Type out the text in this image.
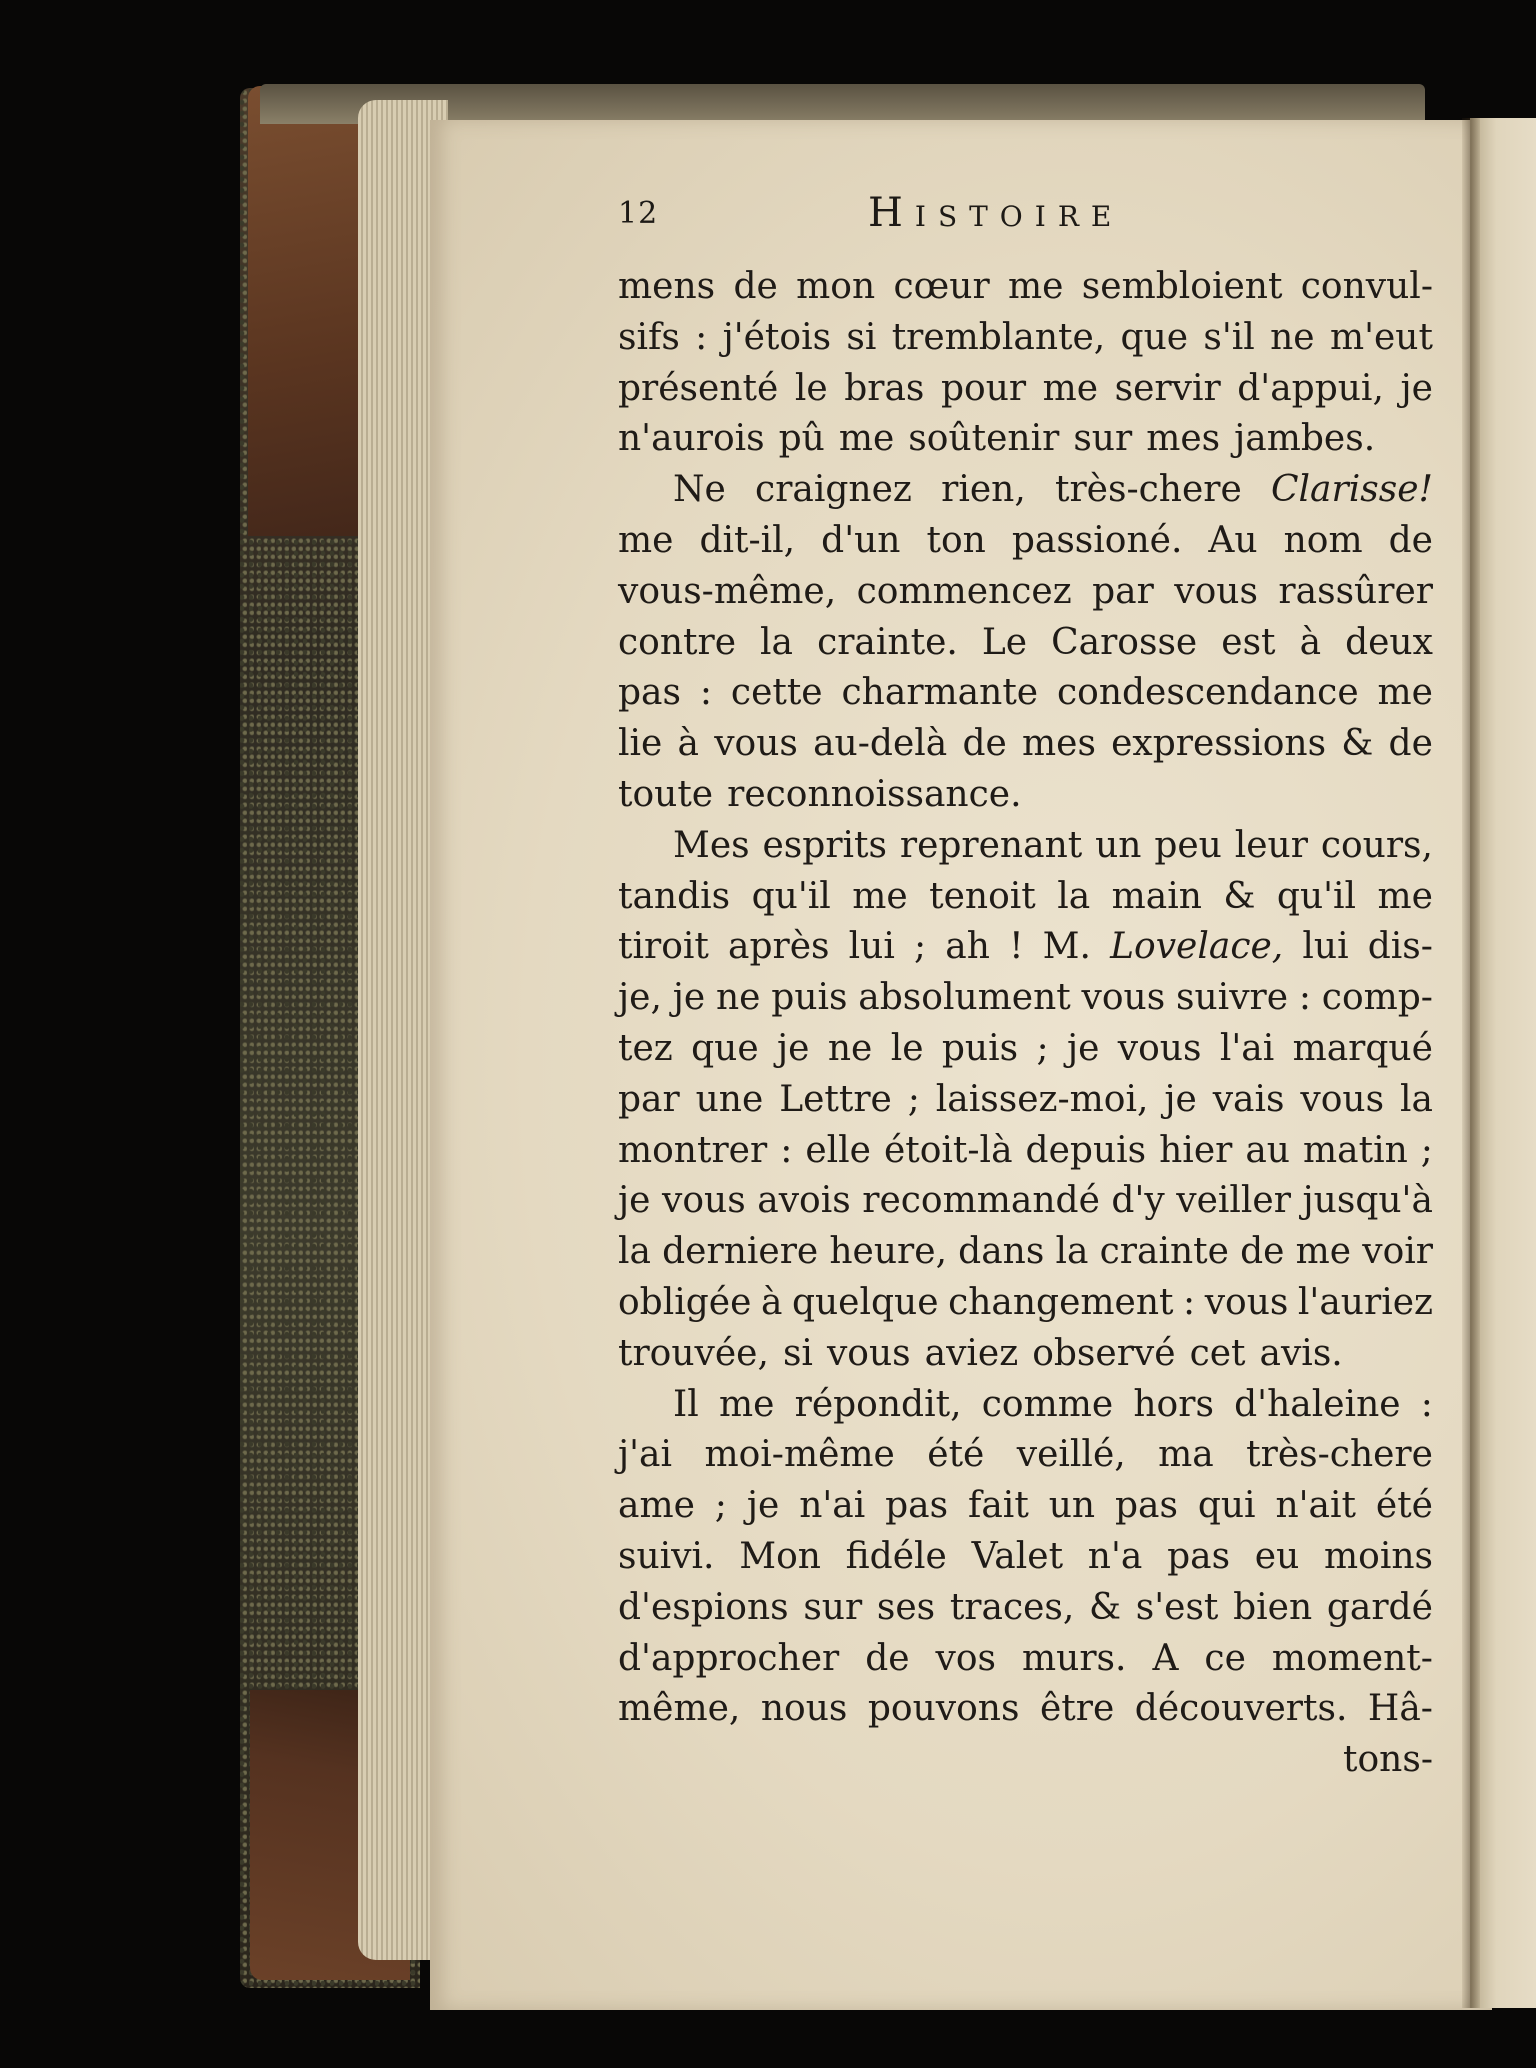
12	Histoire
mens de mon cœur me sembloient convul-
sifs : j'étois si tremblante, que s'il ne m'eut
présenté le bras pour me servir d'appui, je
n'aurois pû me soûtenir sur mes jambes.
Ne craignez rien, très-chere Clarisse!
me dit-il, d'un ton passioné. Au nom de
vous-même, commencez par vous rassûrer
contre la crainte. Le Carosse est à deux
pas : cette charmante condescendance me
lie à vous au-delà de mes expressions & de
toute reconnoissance.
Mes esprits reprenant un peu leur cours,
tandis qu'il me tenoit la main & qu'il me
tiroit après lui ; ah ! M. Lovelace, lui dis-
je, je ne puis absolument vous suivre : comp-
tez que je ne le puis ; je vous l'ai marqué
par une Lettre ; laissez-moi, je vais vous la
montrer : elle étoit-là depuis hier au matin ;
je vous avois recommandé d'y veiller jusqu'à
la derniere heure, dans la crainte de me voir
obligée à quelque changement : vous l'auriez
trouvée, si vous aviez observé cet avis.
Il me répondit, comme hors d'haleine :
j'ai moi-même été veillé, ma très-chere
ame ; je n'ai pas fait un pas qui n'ait été
suivi. Mon fidéle Valet n'a pas eu moins
d'espions sur ses traces, & s'est bien gardé
d'approcher de vos murs. A ce moment-
même, nous pouvons être découverts. Hâ-
tons-
